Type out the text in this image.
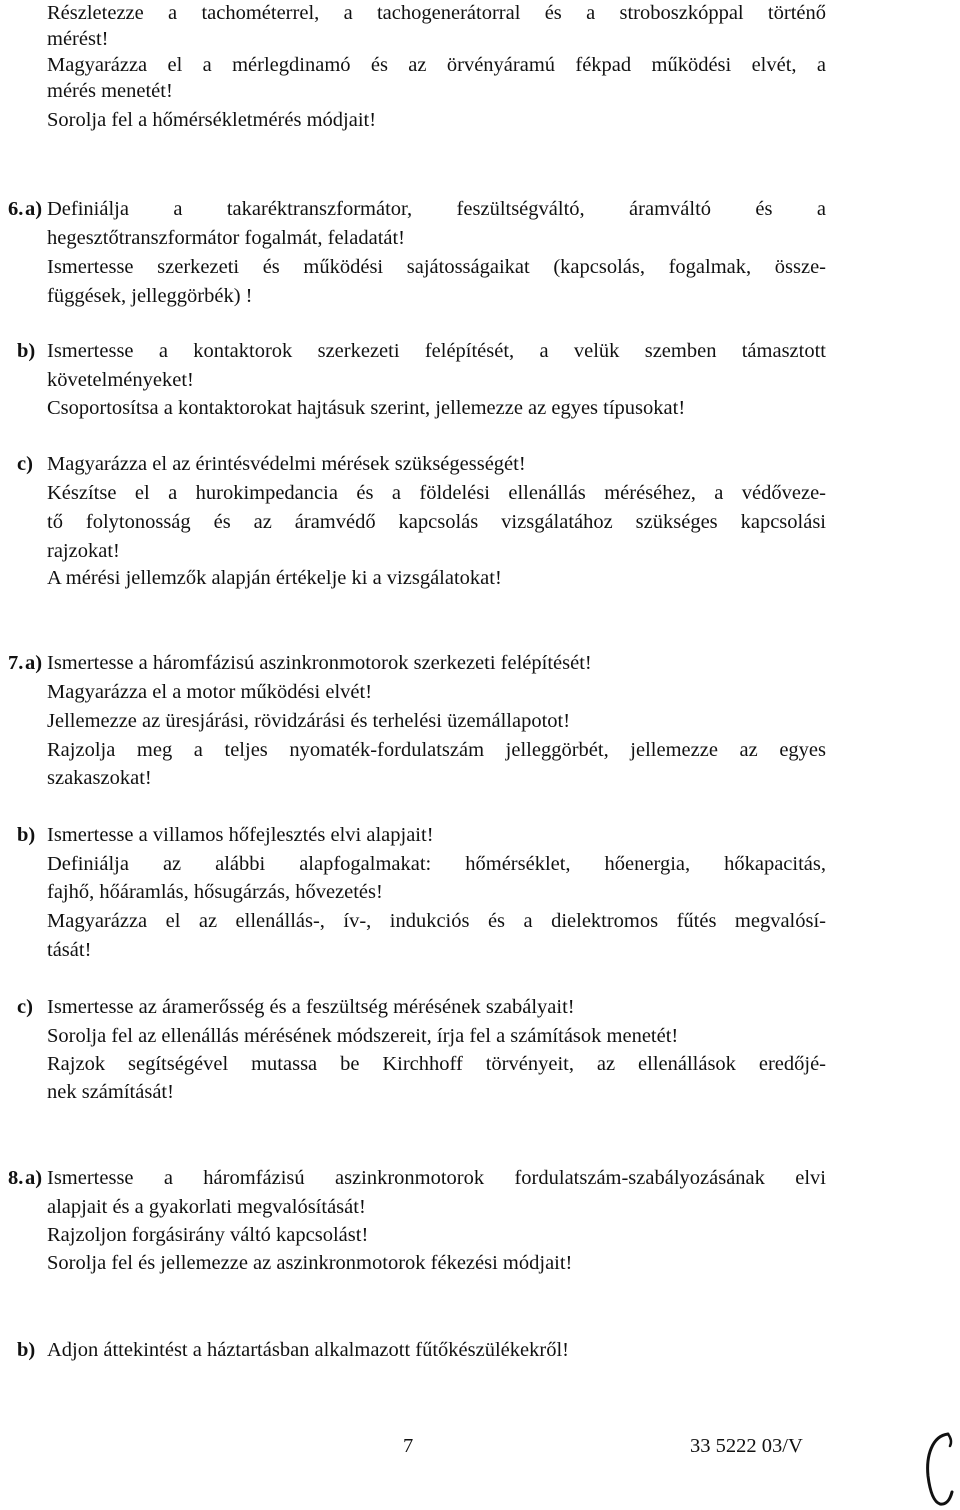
Részletezze a tachométerrel, a tachogenerátorral és a stroboszkóppal történő
mérést!
Magyarázza el a mérlegdinamó és az örvényáramú fékpad működési elvét, a
mérés menetét!
Sorolja fel a hőmérsékletmérés módjait!
6. a) Definiálja a takaréktranszformátor, feszültségváltó, áramváltó és a
hegesztőtranszformátor fogalmát, feladatát!
Ismertesse szerkezeti és működési sajátosságaikat (kapcsolás, fogalmak, össze-
függések, jelleggörbék) !
b) Ismertesse a kontaktorok szerkezeti felépítését, a velük szemben támasztott
követelményeket!
Csoportosítsa a kontaktorokat hajtásuk szerint, jellemezze az egyes típusokat!
c) Magyarázza el az érintésvédelmi mérések szükségességét!
Készítse el a hurokimpedancia és a földelési ellenállás méréséhez, a védővezе-
tő folytonosság és az áramvédő kapcsolás vizsgálatához szükséges kapcsolási
rajzokat!
A mérési jellemzők alapján értékelje ki a vizsgálatokat!
7. a) Ismertesse a háromfázisú aszinkronmotorok szerkezeti felépítését!
Magyarázza el a motor működési elvét!
Jellemezze az üresjárási, rövidzárási és terhelési üzemállapotot!
Rajzolja meg a teljes nyomaték-fordulatszám jelleggörbét, jellemezze az egyes
szakaszokat!
b) Ismertesse a villamos hőfejlesztés elvi alapjait!
Definiálja az alábbi alapfogalmakat: hőmérséklet, hőenergia, hőkapacitás,
fajhő, hőáramlás, hősugárzás, hővezetés!
Magyarázza el az ellenállás-, ív-, indukciós és a dielektromos fűtés megvalósí-
tását!
c) Ismertesse az áramerősség és a feszültség mérésének szabályait!
Sorolja fel az ellenállás mérésének módszereit, írja fel a számítások menetét!
Rajzok segítségével mutassa be Kirchhoff törvényeit, az ellenállások eredőjé-
nek számítását!
8. a) Ismertesse a háromfázisú aszinkronmotorok fordulatszám-szabályozásának elvi
alapjait és a gyakorlati megvalósítását!
Rajzoljon forgásirány váltó kapcsolást!
Sorolja fel és jellemezze az aszinkronmotorok fékezési módjait!
b) Adjon áttekintést a háztartásban alkalmazott fűtőkészülékekről!
7	33 5222 03/V
